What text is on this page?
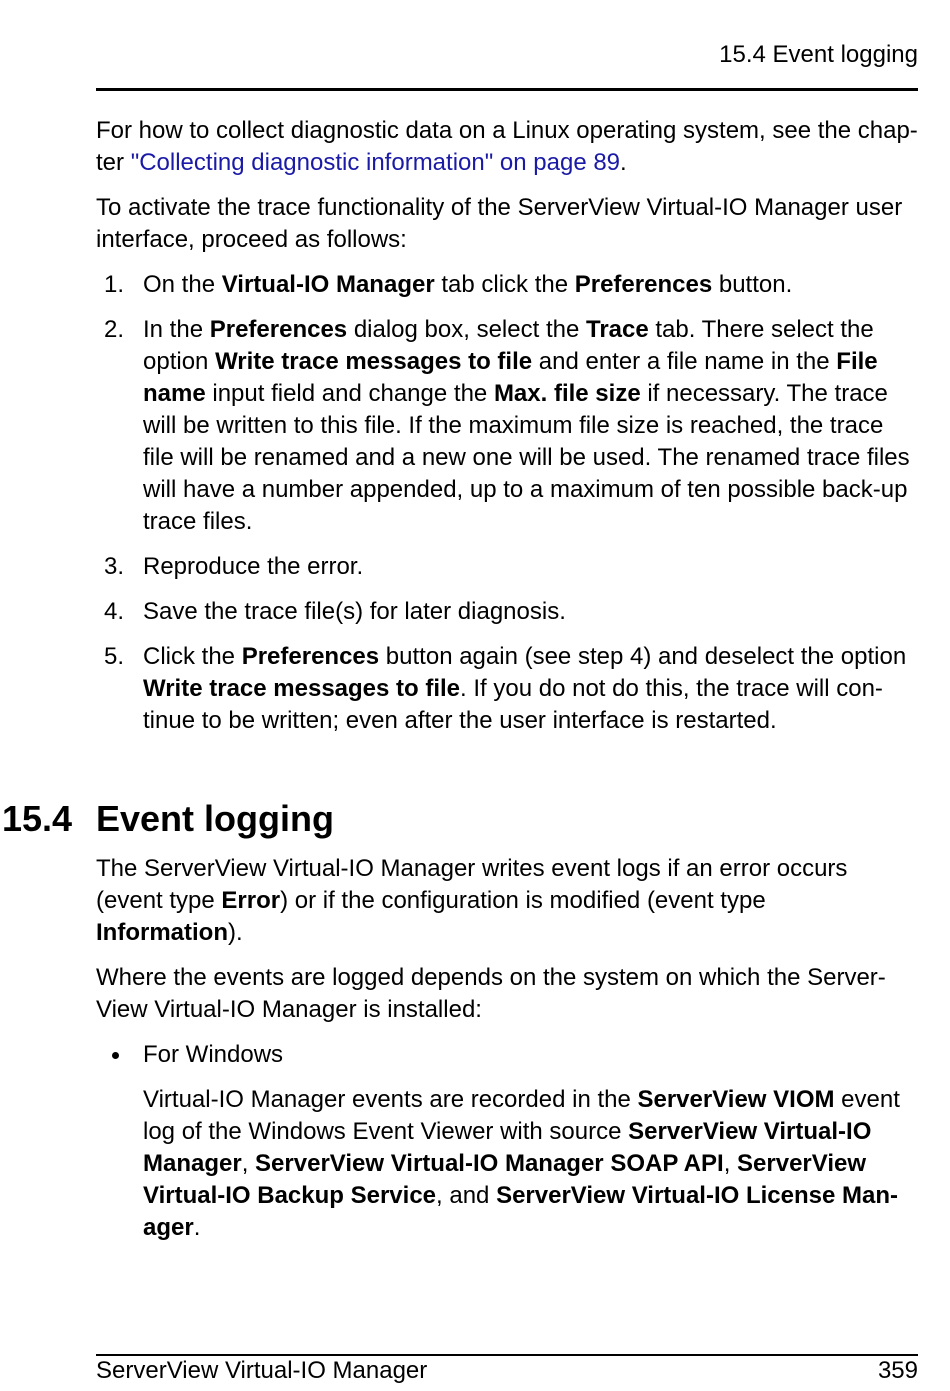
15.4 Event logging

For how to collect diagnostic data on a Linux operating system, see the chap-ter "Collecting diagnostic information" on page 89.

To activate the trace functionality of the ServerView Virtual-IO Manager user interface, proceed as follows:

1. On the Virtual-IO Manager tab click the Preferences button.
2. In the Preferences dialog box, select the Trace tab. There select the option Write trace messages to file and enter a file name in the File name input field and change the Max. file size if necessary. The trace will be written to this file. If the maximum file size is reached, the trace file will be renamed and a new one will be used. The renamed trace files will have a number appended, up to a maximum of ten possible back-up trace files.
3. Reproduce the error.
4. Save the trace file(s) for later diagnosis.
5. Click the Preferences button again (see step 4) and deselect the option Write trace messages to file. If you do not do this, the trace will con-tinue to be written; even after the user interface is restarted.
15.4 Event logging

The ServerView Virtual-IO Manager writes event logs if an error occurs (event type Error) or if the configuration is modified (event type Information).

Where the events are logged depends on the system on which the Server-View Virtual-IO Manager is installed:

For Windows

Virtual-IO Manager events are recorded in the ServerView VIOM event log of the Windows Event Viewer with source ServerView Virtual-IO Manager, ServerView Virtual-IO Manager SOAP API, ServerView Virtual-IO Backup Service, and ServerView Virtual-IO License Man-ager.

ServerView Virtual-IO Manager	359
